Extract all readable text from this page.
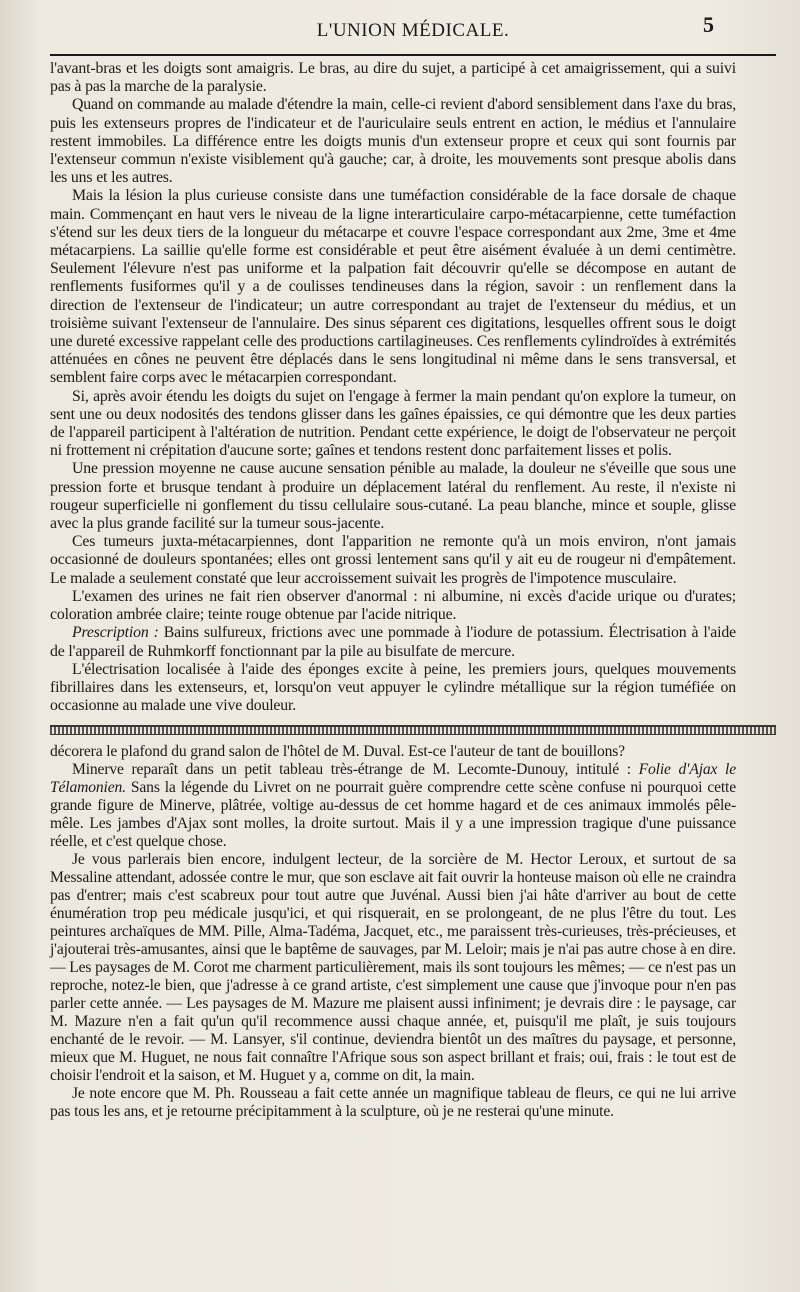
L'UNION MÉDICALE.	5

l'avant-bras et les doigts sont amaigris. Le bras, au dire du sujet, a participé à cet amaigrissement, qui a suivi pas à pas la marche de la paralysie.

Quand on commande au malade d'étendre la main, celle-ci revient d'abord sensiblement dans l'axe du bras, puis les extenseurs propres de l'indicateur et de l'auriculaire seuls entrent en action, le médius et l'annulaire restent immobiles. La différence entre les doigts munis d'un extenseur propre et ceux qui sont fournis par l'extenseur commun n'existe visiblement qu'à gauche; car, à droite, les mouvements sont presque abolis dans les uns et les autres.

Mais la lésion la plus curieuse consiste dans une tuméfaction considérable de la face dorsale de chaque main. Commençant en haut vers le niveau de la ligne interarticulaire carpo-métacarpienne, cette tuméfaction s'étend sur les deux tiers de la longueur du métacarpe et couvre l'espace correspondant aux 2me, 3me et 4me métacarpiens. La saillie qu'elle forme est considérable et peut être aisément évaluée à un demi centimètre. Seulement l'élevure n'est pas uniforme et la palpation fait découvrir qu'elle se décompose en autant de renflements fusiformes qu'il y a de coulisses tendineuses dans la région, savoir : un renflement dans la direction de l'extenseur de l'indicateur; un autre correspondant au trajet de l'extenseur du médius, et un troisième suivant l'extenseur de l'annulaire. Des sinus séparent ces digitations, lesquelles offrent sous le doigt une dureté excessive rappelant celle des productions cartilagineuses. Ces renflements cylindroïdes à extrémités atténuées en cônes ne peuvent être déplacés dans le sens longitudinal ni même dans le sens transversal, et semblent faire corps avec le métacarpien correspondant.

Si, après avoir étendu les doigts du sujet on l'engage à fermer la main pendant qu'on explore la tumeur, on sent une ou deux nodosités des tendons glisser dans les gaînes épaissies, ce qui démontre que les deux parties de l'appareil participent à l'altération de nutrition. Pendant cette expérience, le doigt de l'observateur ne perçoit ni frottement ni crépitation d'aucune sorte; gaînes et tendons restent donc parfaitement lisses et polis.

Une pression moyenne ne cause aucune sensation pénible au malade, la douleur ne s'éveille que sous une pression forte et brusque tendant à produire un déplacement latéral du renflement. Au reste, il n'existe ni rougeur superficielle ni gonflement du tissu cellulaire sous-cutané. La peau blanche, mince et souple, glisse avec la plus grande facilité sur la tumeur sous-jacente.

Ces tumeurs juxta-métacarpiennes, dont l'apparition ne remonte qu'à un mois environ, n'ont jamais occasionné de douleurs spontanées; elles ont grossi lentement sans qu'il y ait eu de rougeur ni d'empâtement. Le malade a seulement constaté que leur accroissement suivait les progrès de l'impotence musculaire.

L'examen des urines ne fait rien observer d'anormal : ni albumine, ni excès d'acide urique ou d'urates; coloration ambrée claire; teinte rouge obtenue par l'acide nitrique.

Prescription : Bains sulfureux, frictions avec une pommade à l'iodure de potassium. Électrisation à l'aide de l'appareil de Ruhmkorff fonctionnant par la pile au bisulfate de mercure.

L'électrisation localisée à l'aide des éponges excite à peine, les premiers jours, quelques mouvements fibrillaires dans les extenseurs, et, lorsqu'on veut appuyer le cylindre métallique sur la région tuméfiée on occasionne au malade une vive douleur.

décorera le plafond du grand salon de l'hôtel de M. Duval. Est-ce l'auteur de tant de bouillons?

Minerve reparaît dans un petit tableau très-étrange de M. Lecomte-Dunouy, intitulé : Folie d'Ajax le Télamonien. Sans la légende du Livret on ne pourrait guère comprendre cette scène confuse ni pourquoi cette grande figure de Minerve, plâtrée, voltige au-dessus de cet homme hagard et de ces animaux immolés pêle-mêle. Les jambes d'Ajax sont molles, la droite surtout. Mais il y a une impression tragique d'une puissance réelle, et c'est quelque chose.

Je vous parlerais bien encore, indulgent lecteur, de la sorcière de M. Hector Leroux, et surtout de sa Messaline attendant, adossée contre le mur, que son esclave ait fait ouvrir la honteuse maison où elle ne craindra pas d'entrer; mais c'est scabreux pour tout autre que Juvénal. Aussi bien j'ai hâte d'arriver au bout de cette énumération trop peu médicale jusqu'ici, et qui risquerait, en se prolongeant, de ne plus l'être du tout. Les peintures archaïques de MM. Pille, Alma-Tadéma, Jacquet, etc., me paraissent très-curieuses, très-précieuses, et j'ajouterai très-amusantes, ainsi que le baptême de sauvages, par M. Leloir; mais je n'ai pas autre chose à en dire. — Les paysages de M. Corot me charment particulièrement, mais ils sont toujours les mêmes; — ce n'est pas un reproche, notez-le bien, que j'adresse à ce grand artiste, c'est simplement une cause que j'invoque pour n'en pas parler cette année. — Les paysages de M. Mazure me plaisent aussi infiniment; je devrais dire : le paysage, car M. Mazure n'en a fait qu'un qu'il recommence aussi chaque année, et, puisqu'il me plaît, je suis toujours enchanté de le revoir. — M. Lansyer, s'il continue, deviendra bientôt un des maîtres du paysage, et personne, mieux que M. Huguet, ne nous fait connaître l'Afrique sous son aspect brillant et frais; oui, frais : le tout est de choisir l'endroit et la saison, et M. Huguet y a, comme on dit, la main.

Je note encore que M. Ph. Rousseau a fait cette année un magnifique tableau de fleurs, ce qui ne lui arrive pas tous les ans, et je retourne précipitamment à la sculpture, où je ne resterai qu'une minute.
